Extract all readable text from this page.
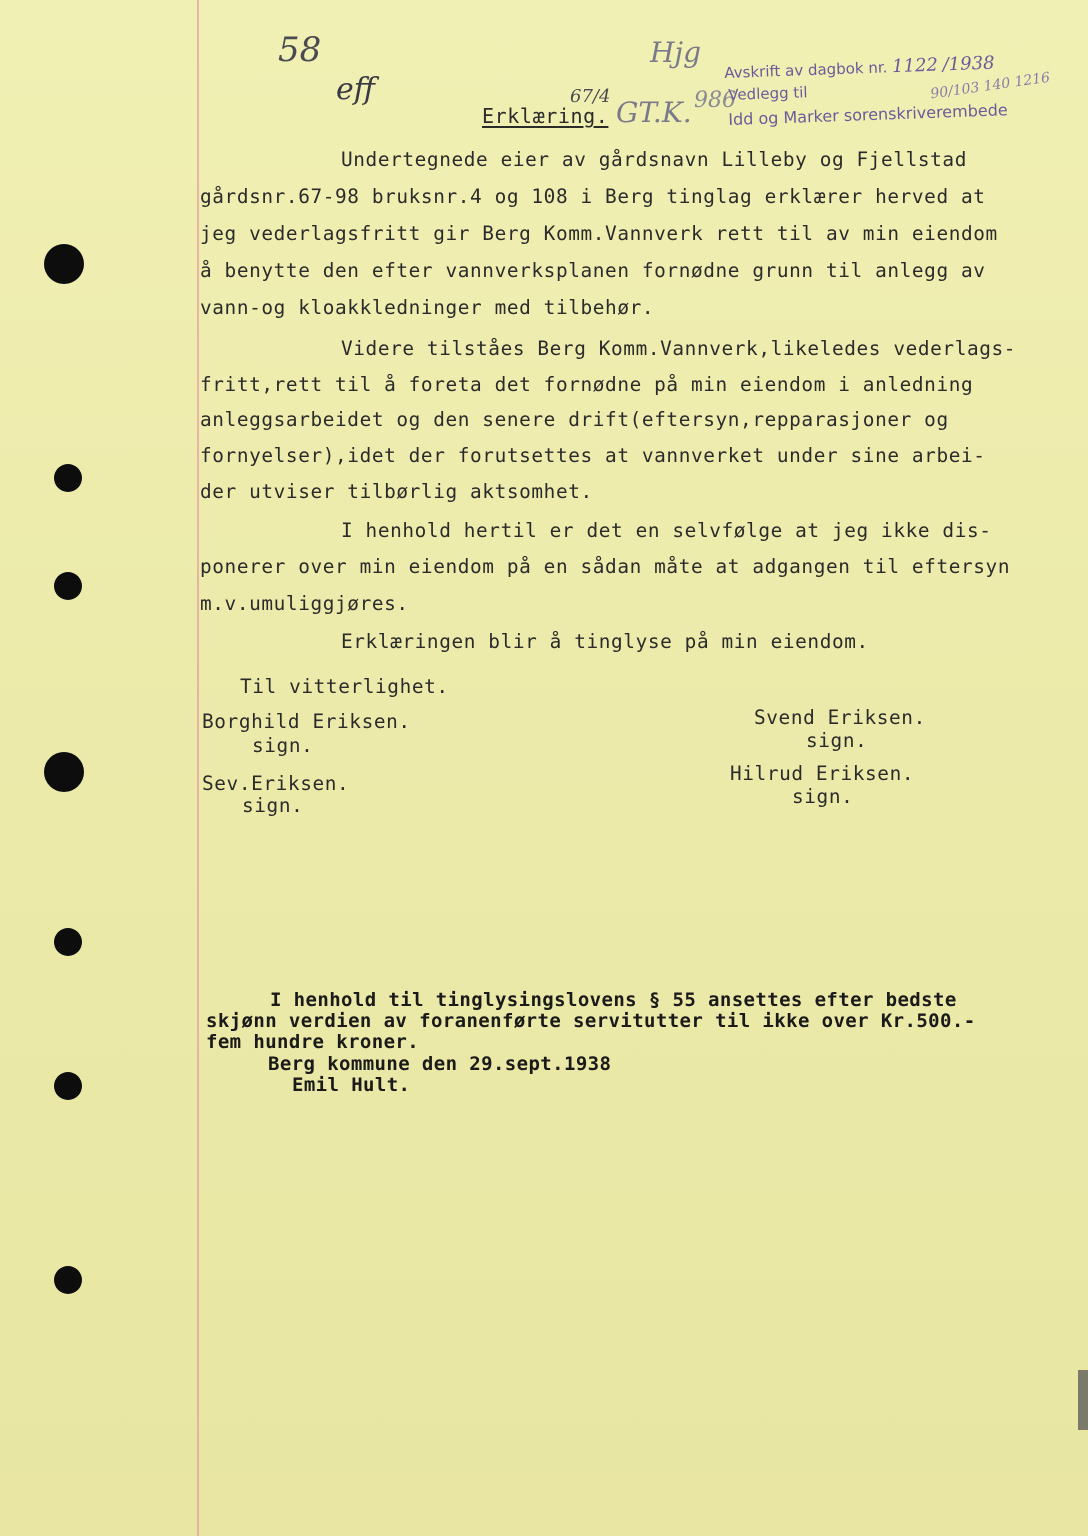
58
eff	67/4 GT.K.
Hjg
986
Avskrift av dagbok nr. 1122 /1938
Vedlegg til
Idd og Marker sorenskriverembede
90/103 140 1216
Erklæring.
Undertegnede eier av gårdsnavn Lilleby og Fjellstad
gårdsnr.67-98 bruksnr.4 og 108 i Berg tinglag erklærer herved at
jeg vederlagsfritt gir Berg Komm.Vannverk rett til av min eiendom
å benytte den efter vannverksplanen fornødne grunn til anlegg av
vann-og kloakkledninger med tilbehør.
Videre tilståes Berg Komm.Vannverk,likeledes vederlags-
fritt,rett til å foreta det fornødne på min eiendom i anledning
anleggsarbeidet og den senere drift(eftersyn,repparasjoner og
fornyelser),idet der forutsettes at vannverket under sine arbei-
der utviser tilbørlig aktsomhet.
I henhold hertil er det en selvfølge at jeg ikke dis-
ponerer over min eiendom på en sådan måte at adgangen til eftersyn
m.v.umuliggjøres.
Erklæringen blir å tinglyse på min eiendom.
Til vitterlighet.
Borghild Eriksen.
sign.
Sev.Eriksen.
sign.
Svend Eriksen.
sign.
Hilrud Eriksen.
sign.
I henhold til tinglysingslovens § 55 ansettes efter bedste
skjønn verdien av foranenførte servitutter til ikke over Kr.500.-
fem hundre kroner.
Berg kommune den 29.sept.1938
Emil Hult.
